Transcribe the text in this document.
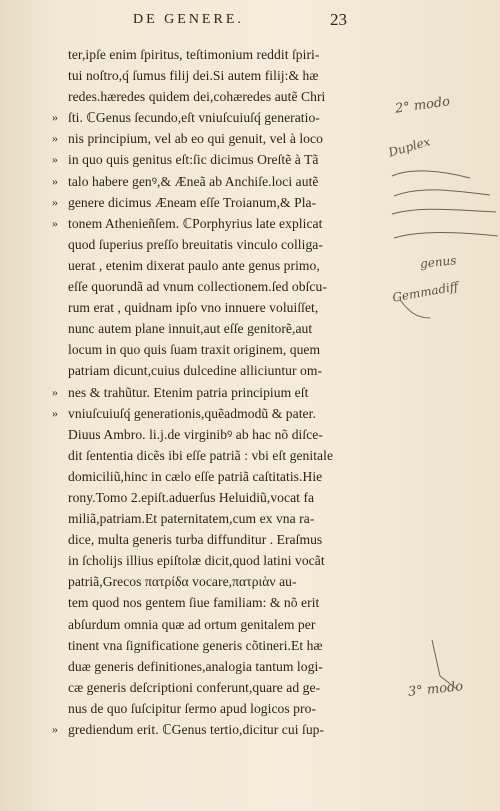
DE GENERE.	23
ter,ipſe enim ſpiritus, teſtimonium reddit ſpiri-
tui noſtro,q́ ſumus filij dei.Si autem filij:& hæ
redes.hæredes quidem dei,cohæredes autẽ Chri
» ſti. ℂGenus ſecundo,eſt vniuſcuiuſq́ generatio-
» nis principium, vel ab eo qui genuit, vel à loco
» in quo quis genitus eſt:ſic dicimus Oreſtẽ à Tã
» talo habere genꝰ,& Æneã ab Anchiſe.loci autẽ
» genere dicimus Æneam eſſe Troianum,& Pla-
» tonem Athenieñſem. ℂPorphyrius late explicat
quod ſuperius preſſo breuitatis vinculo colliga-
uerat , etenim dixerat paulo ante genus primo,
eſſe quorundã ad vnum collectionem.ſed obſcu-
rum erat , quidnam ipſo vno innuere voluiſſet,
nunc autem plane innuit,aut eſſe genitorẽ,aut
locum in quo quis ſuam traxit originem, quem
patriam dicunt,cuius dulcedine alliciuntur om-
» nes & trahũtur. Etenim patria principium eſt
» vniuſcuiuſq́ generationis,quẽadmodũ & pater.
Diuus Ambro. li.j.de virginibꝰ ab hac nõ diſce-
dit ſententia dicẽs ibi eſſe patriã : vbi eſt genitale
domiciliũ,hinc in cælo eſſe patriã caſtitatis.Hie
rony.Tomo 2.epiſt.aduerſus Heluidiũ,vocat fa
miliã,patriam.Et paternitatem,cum ex vna ra-
dice, multa generis turba diffunditur . Eraſmus
in ſcholijs illius epiſtolæ dicit,quod latini vocãt
patriã,Grecos πατρίδα vocare,πατριὰν au-
tem quod nos gentem ſiue familiam: & nõ erit
abſurdum omnia quæ ad ortum genitalem per
tinent vna ſignificatione generis cõtineri.Et hæ
duæ generis definitiones,analogia tantum logi-
cæ generis deſcriptioni conferunt,quare ad ge-
nus de quo ſuſcipitur ſermo apud logicos pro-
» grediendum erit. ℂGenus tertio,dicitur cui ſup-
2° modo
Duplex
genus
Gemmadiff
3° modo
